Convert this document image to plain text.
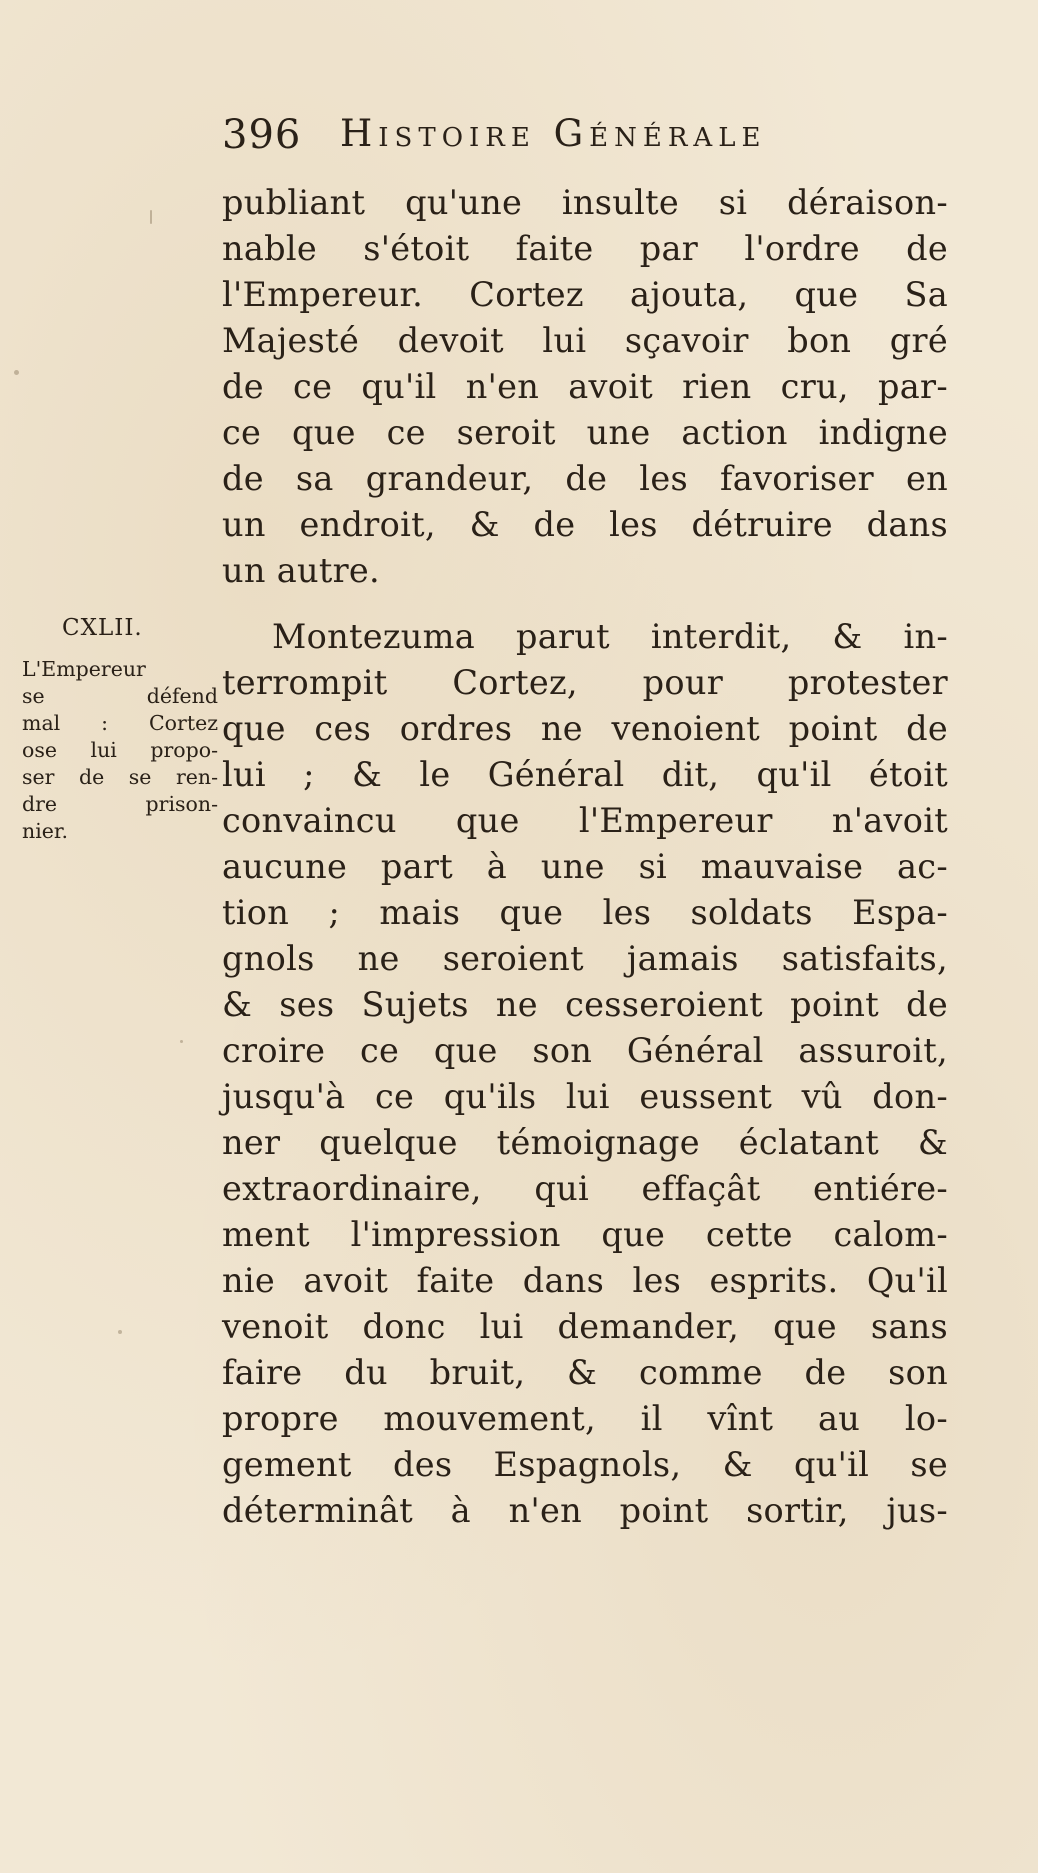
396 Histoire Générale
publiant qu'une insulte si déraison-
nable s'étoit faite par l'ordre de
l'Empereur. Cortez ajouta, que Sa
Majesté devoit lui sçavoir bon gré
de ce qu'il n'en avoit rien cru, par-
ce que ce seroit une action indigne
de sa grandeur, de les favoriser en
un endroit, & de les détruire dans
un autre.
Montezuma parut interdit, & in-
terrompit Cortez, pour protester
que ces ordres ne venoient point de
lui ; & le Général dit, qu'il étoit
convaincu que l'Empereur n'avoit
aucune part à une si mauvaise ac-
tion ; mais que les soldats Espa-
gnols ne seroient jamais satisfaits,
& ses Sujets ne cesseroient point de
croire ce que son Général assuroit,
jusqu'à ce qu'ils lui eussent vû don-
ner quelque témoignage éclatant &
extraordinaire, qui effaçât entiére-
ment l'impression que cette calom-
nie avoit faite dans les esprits. Qu'il
venoit donc lui demander, que sans
faire du bruit, & comme de son
propre mouvement, il vînt au lo-
gement des Espagnols, & qu'il se
déterminât à n'en point sortir, jus-
CXLII.
L'Empereur
se défend
mal : Cortez
ose lui propo-
ser de se ren-
dre prison-
nier.
